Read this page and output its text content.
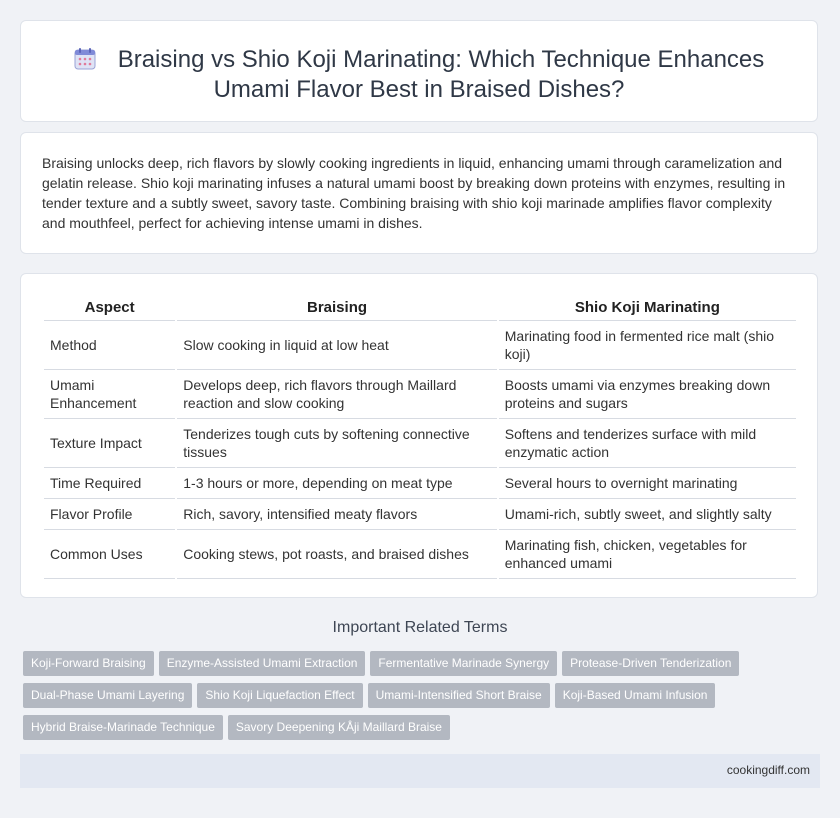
Braising vs Shio Koji Marinating: Which Technique Enhances
Umami Flavor Best in Braised Dishes?
Braising unlocks deep, rich flavors by slowly cooking ingredients in liquid, enhancing umami through caramelization and gelatin release. Shio koji marinating infuses a natural umami boost by breaking down proteins with enzymes, resulting in tender texture and a subtly sweet, savory taste. Combining braising with shio koji marinade amplifies flavor complexity and mouthfeel, perfect for achieving intense umami in dishes.
Aspect	Braising	Shio Koji Marinating
Method	Slow cooking in liquid at low heat	Marinating food in fermented rice malt (shio koji)
Umami Enhancement	Develops deep, rich flavors through Maillard reaction and slow cooking	Boosts umami via enzymes breaking down proteins and sugars
Texture Impact	Tenderizes tough cuts by softening connective tissues	Softens and tenderizes surface with mild enzymatic action
Time Required	1-3 hours or more, depending on meat type	Several hours to overnight marinating
Flavor Profile	Rich, savory, intensified meaty flavors	Umami-rich, subtly sweet, and slightly salty
Common Uses	Cooking stews, pot roasts, and braised dishes	Marinating fish, chicken, vegetables for enhanced umami
Important Related Terms
Koji-Forward Braising Enzyme-Assisted Umami Extraction Fermentative Marinade Synergy Protease-Driven Tenderization
Dual-Phase Umami Layering Shio Koji Liquefaction Effect Umami-Intensified Short Braise Koji-Based Umami Infusion
Hybrid Braise-Marinade Technique Savory Deepening KÅji Maillard Braise
cookingdiff.com
